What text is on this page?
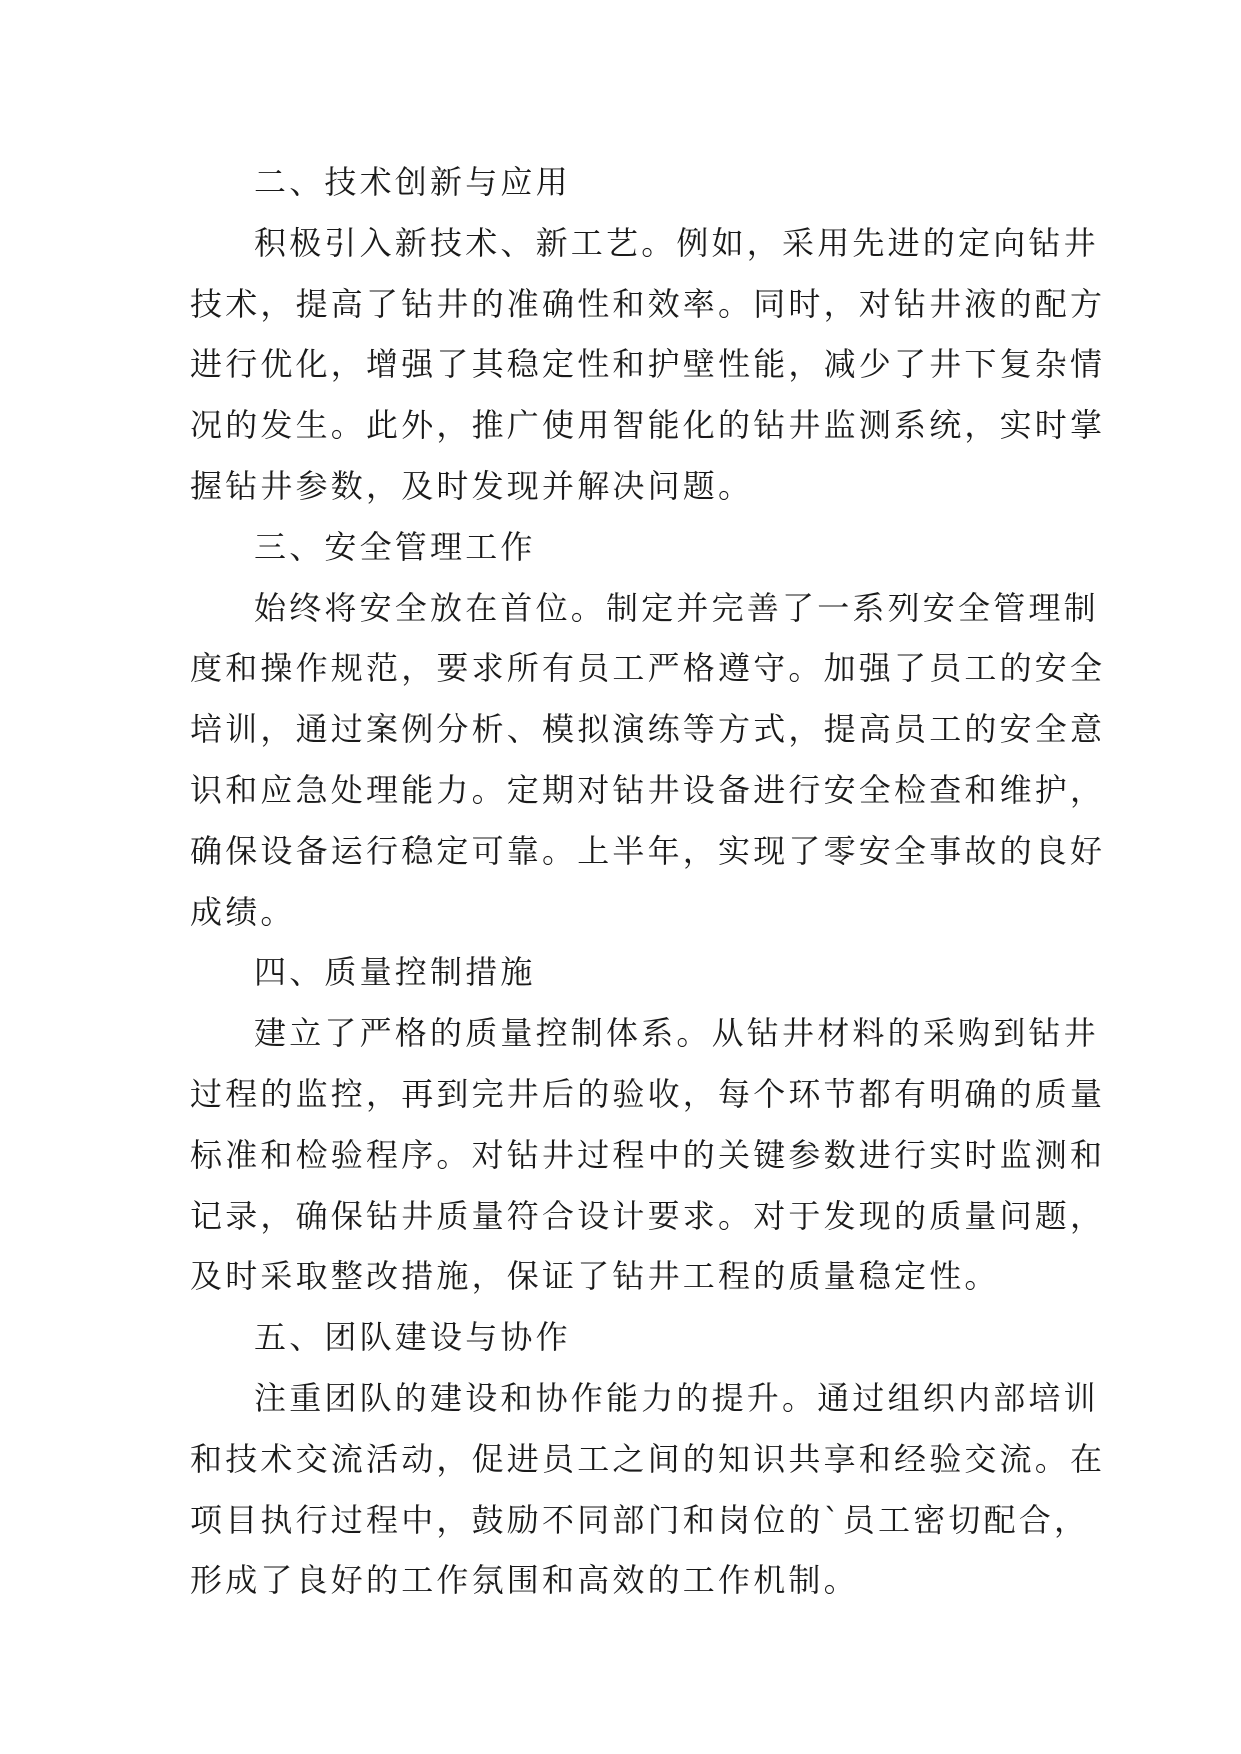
二、技术创新与应用

积极引入新技术、新工艺。例如，采用先进的定向钻井

技术，提高了钻井的准确性和效率。同时，对钻井液的配方

进行优化，增强了其稳定性和护壁性能，减少了井下复杂情

况的发生。此外，推广使用智能化的钻井监测系统，实时掌

握钻井参数，及时发现并解决问题。

三、安全管理工作

始终将安全放在首位。制定并完善了一系列安全管理制

度和操作规范，要求所有员工严格遵守。加强了员工的安全

培训，通过案例分析、模拟演练等方式，提高员工的安全意

识和应急处理能力。定期对钻井设备进行安全检查和维护，

确保设备运行稳定可靠。上半年，实现了零安全事故的良好

成绩。

四、质量控制措施

建立了严格的质量控制体系。从钻井材料的采购到钻井

过程的监控，再到完井后的验收，每个环节都有明确的质量

标准和检验程序。对钻井过程中的关键参数进行实时监测和

记录，确保钻井质量符合设计要求。对于发现的质量问题，

及时采取整改措施，保证了钻井工程的质量稳定性。

五、团队建设与协作

注重团队的建设和协作能力的提升。通过组织内部培训

和技术交流活动，促进员工之间的知识共享和经验交流。在

项目执行过程中，鼓励不同部门和岗位的`员工密切配合，

形成了良好的工作氛围和高效的工作机制。
